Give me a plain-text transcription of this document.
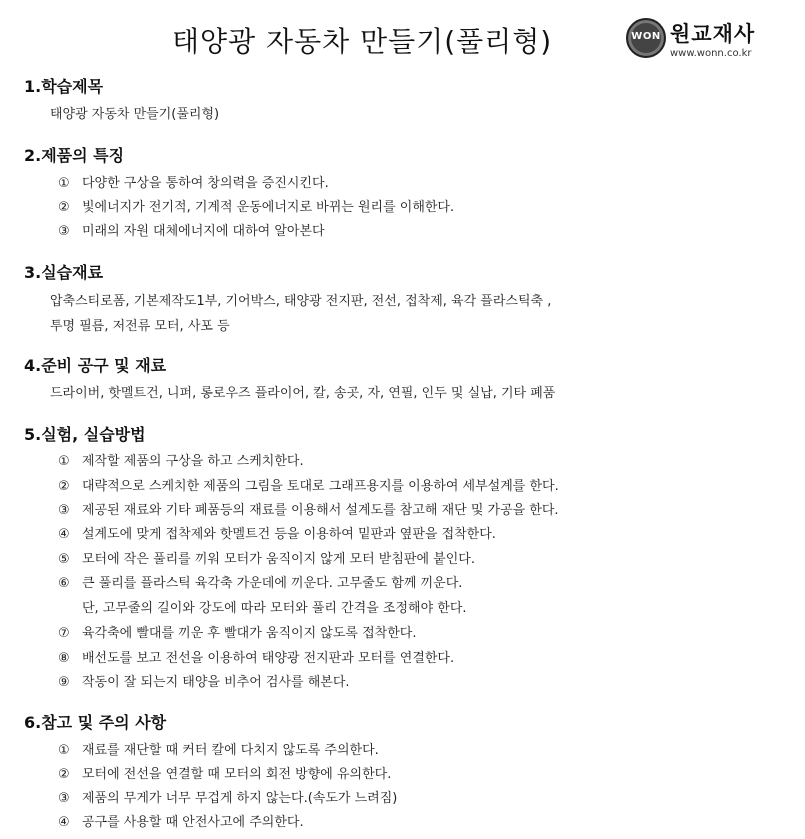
태양광 자동차 만들기(풀리형)	WON 원교재사
www.wonn.co.kr
1.학습제목
태양광 자동차 만들기(풀리형)
2.제품의 특징
① 다양한 구상을 통하여 창의력을 증진시킨다.
② 빛에너지가 전기적, 기계적 운동에너지로 바뀌는 원리를 이해한다.
③ 미래의 자원 대체에너지에 대하여 알아본다
3.실습재료
압축스티로폼, 기본제작도1부, 기어박스, 태양광 전지판, 전선, 접착제, 육각 플라스틱축 ,
투명 필름, 저전류 모터, 사포 등
4.준비 공구 및 재료
드라이버, 핫멜트건, 니퍼, 롱로우즈 플라이어, 칼, 송곳, 자, 연필, 인두 및 실납, 기타 폐품
5.실험, 실습방법
① 제작할 제품의 구상을 하고 스케치한다.
② 대략적으로 스케치한 제품의 그림을 토대로 그래프용지를 이용하여 세부설계를 한다.
③ 제공된 재료와 기타 폐품등의 재료를 이용해서 설계도를 참고해 재단 및 가공을 한다.
④ 설계도에 맞게 접착제와 핫멜트건 등을 이용하여 밑판과 옆판을 접착한다.
⑤ 모터에 작은 풀리를 끼워 모터가 움직이지 않게 모터 받침판에 붙인다.
⑥ 큰 풀리를 플라스틱 육각축 가운데에 끼운다. 고무줄도 함께 끼운다.
단, 고무줄의 길이와 강도에 따라 모터와 풀리 간격을 조정해야 한다.
⑦ 육각축에 빨대를 끼운 후 빨대가 움직이지 않도록 접착한다.
⑧ 배선도를 보고 전선을 이용하여 태양광 전지판과 모터를 연결한다.
⑨ 작동이 잘 되는지 태양을 비추어 검사를 해본다.
6.참고 및 주의 사항
① 재료를 재단할 때 커터 칼에 다치지 않도록 주의한다.
② 모터에 전선을 연결할 때 모터의 회전 방향에 유의한다.
③ 제품의 무게가 너무 무겁게 하지 않는다.(속도가 느려짐)
④ 공구를 사용할 때 안전사고에 주의한다.
